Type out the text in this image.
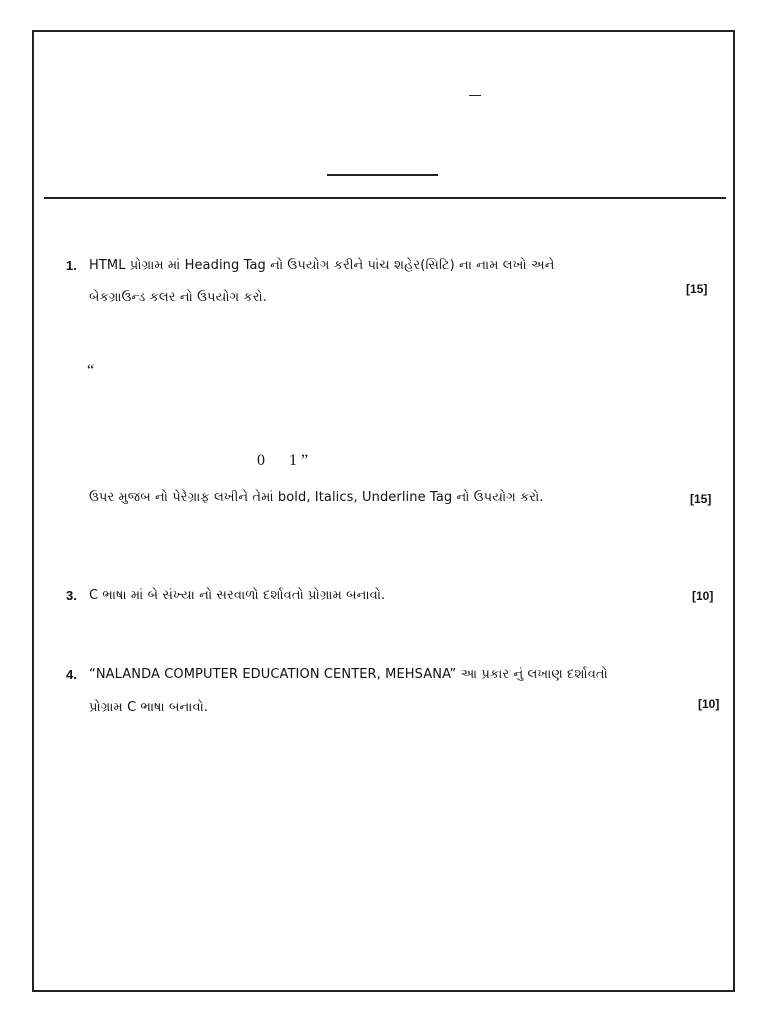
1. HTML પ્રોગ્રામ માં Heading Tag નો ઉપયોગ કરીને પાંચ શહેર(સિટિ) ના નામ લખો અને
બેકગ્રાઉન્ડ કલર નો ઉપયોગ કરો.
[15]
“
0      1 ”
ઉપર મુજબ નો પેરેગ્રાફ લખીને તેમાં bold, Italics, Underline Tag નો ઉપયોગ કરો.	[15]
3. C ભાષા માં બે સંખ્યા નો સરવાળો દર્શાવતો પ્રોગ્રામ બનાવો.	[10]
4. “NALANDA COMPUTER EDUCATION CENTER, MEHSANA” આ પ્રકાર નું લખાણ દર્શાવતો
પ્રોગ્રામ C ભાષા બનાવો.	[10]
